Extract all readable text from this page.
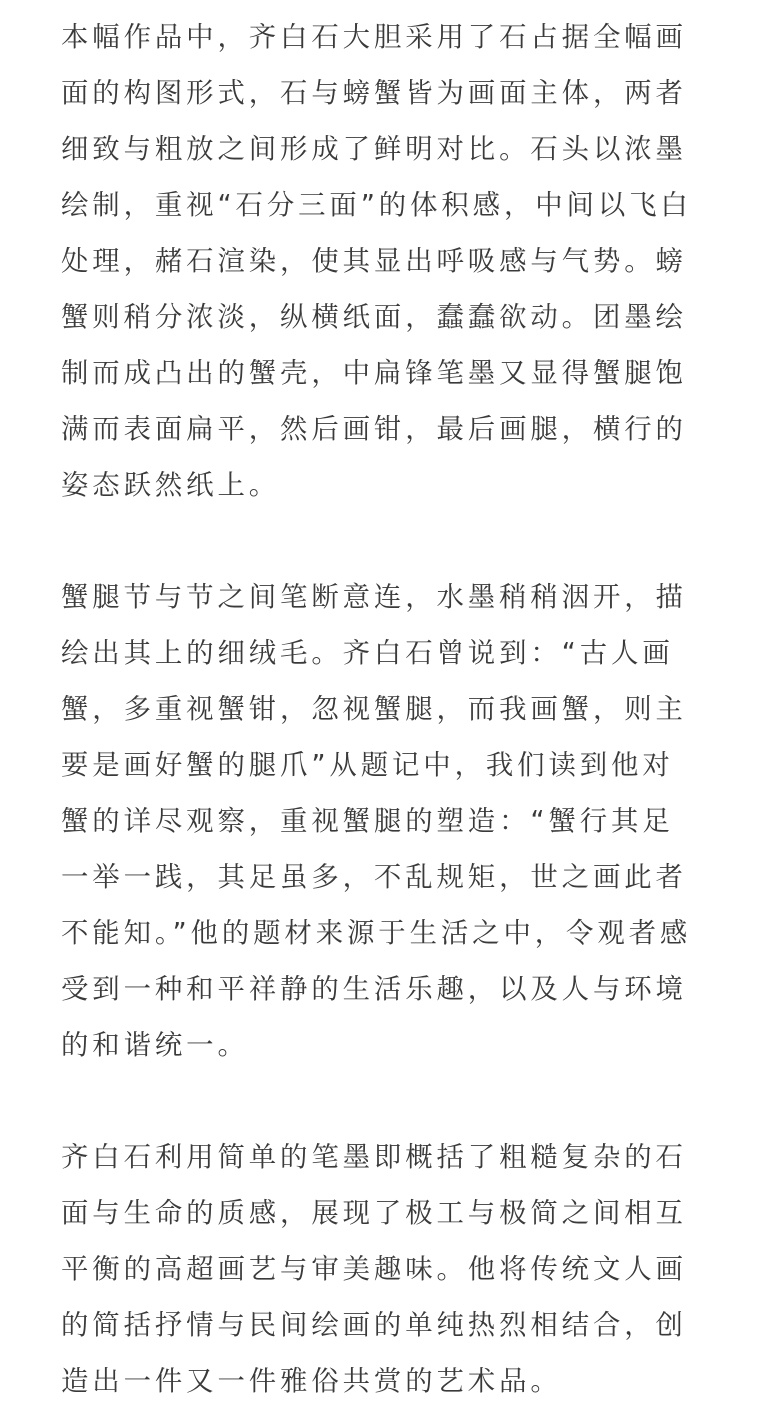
本幅作品中，齐白石大胆采用了石占据全幅画面的构图形式，石与螃蟹皆为画面主体，两者细致与粗放之间形成了鲜明对比。石头以浓墨绘制，重视“石分三面”的体积感，中间以飞白处理，赭石渲染，使其显出呼吸感与气势。螃蟹则稍分浓淡，纵横纸面，蠢蠢欲动。团墨绘制而成凸出的蟹壳，中扁锋笔墨又显得蟹腿饱满而表面扁平，然后画钳，最后画腿，横行的姿态跃然纸上。

蟹腿节与节之间笔断意连，水墨稍稍洇开，描绘出其上的细绒毛。齐白石曾说到：“古人画蟹，多重视蟹钳，忽视蟹腿，而我画蟹，则主要是画好蟹的腿爪”从题记中，我们读到他对蟹的详尽观察，重视蟹腿的塑造：“蟹行其足一举一践，其足虽多，不乱规矩，世之画此者不能知。”他的题材来源于生活之中，令观者感受到一种和平祥静的生活乐趣，以及人与环境的和谐统一。

齐白石利用简单的笔墨即概括了粗糙复杂的石面与生命的质感，展现了极工与极简之间相互平衡的高超画艺与审美趣味。他将传统文人画的简括抒情与民间绘画的单纯热烈相结合，创造出一件又一件雅俗共赏的艺术品。
